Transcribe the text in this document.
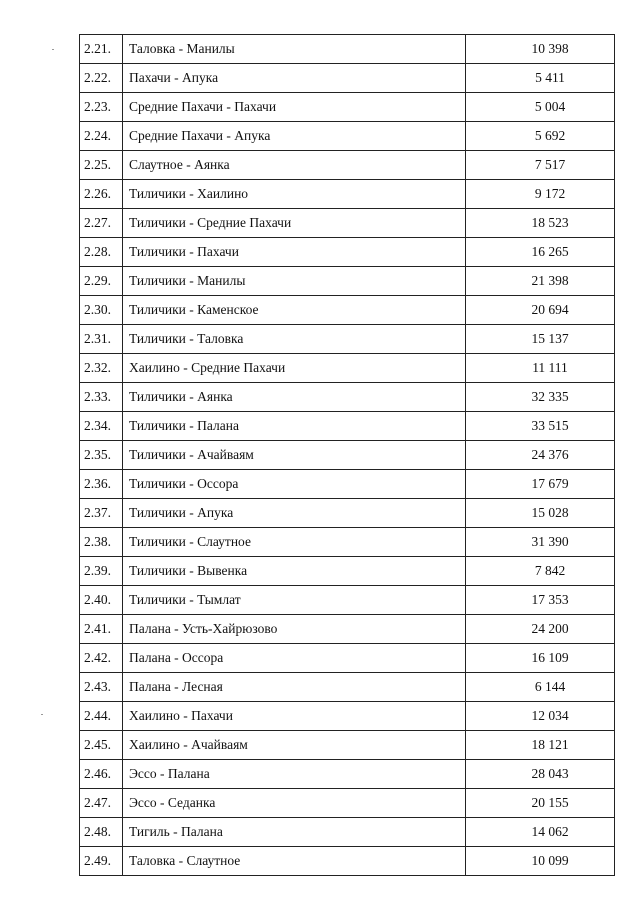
2.21.	Таловка - Манилы	10 398
2.22.	Пахачи - Апука	5 411
2.23.	Средние Пахачи - Пахачи	5 004
2.24.	Средние Пахачи - Апука	5 692
2.25.	Слаутное - Аянка	7 517
2.26.	Тиличики - Хаилино	9 172
2.27.	Тиличики - Средние Пахачи	18 523
2.28.	Тиличики - Пахачи	16 265
2.29.	Тиличики - Манилы	21 398
2.30.	Тиличики - Каменское	20 694
2.31.	Тиличики - Таловка	15 137
2.32.	Хаилино - Средние Пахачи	11 111
2.33.	Тиличики - Аянка	32 335
2.34.	Тиличики - Палана	33 515
2.35.	Тиличики - Ачайваям	24 376
2.36.	Тиличики - Оссора	17 679
2.37.	Тиличики - Апука	15 028
2.38.	Тиличики - Слаутное	31 390
2.39.	Тиличики - Вывенка	7 842
2.40.	Тиличики - Тымлат	17 353
2.41.	Палана - Усть-Хайрюзово	24 200
2.42.	Палана - Оссора	16 109
2.43.	Палана - Лесная	6 144
2.44.	Хаилино - Пахачи	12 034
2.45.	Хаилино - Ачайваям	18 121
2.46.	Эссо - Палана	28 043
2.47.	Эссо - Седанка	20 155
2.48.	Тигиль - Палана	14 062
2.49.	Таловка - Слаутное	10 099
